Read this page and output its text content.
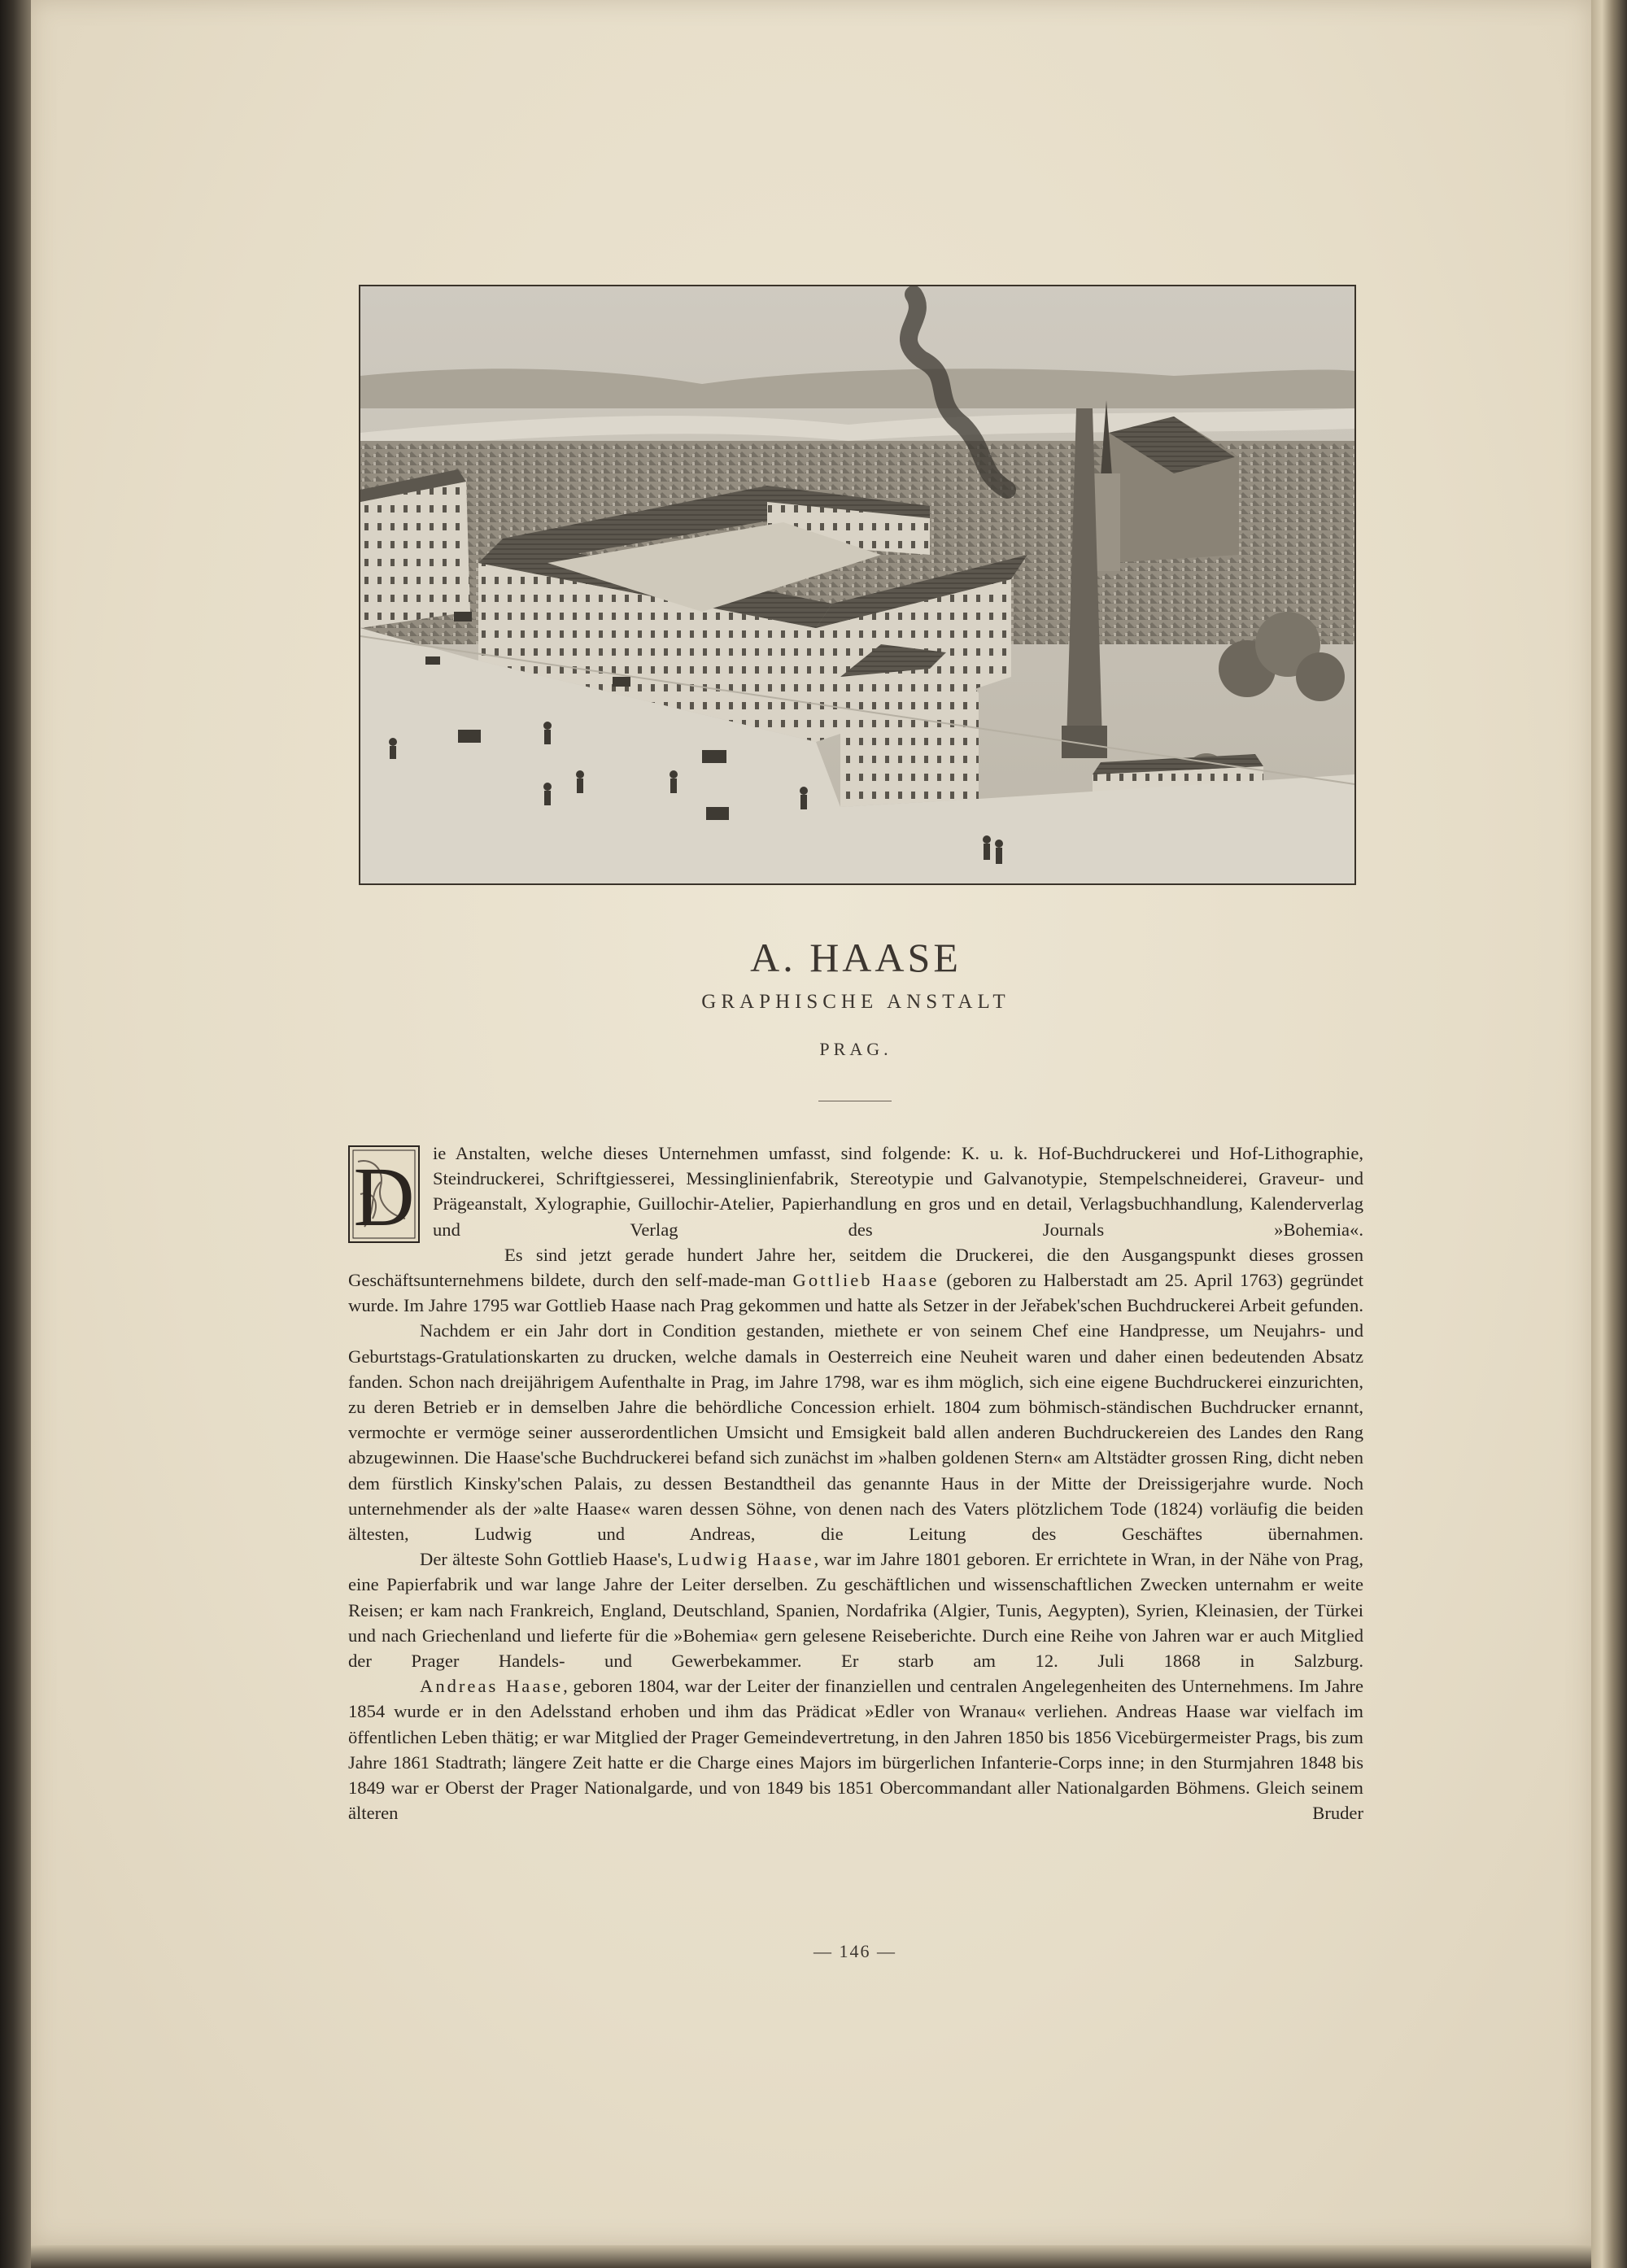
A. HAASE
GRAPHISCHE ANSTALT
PRAG.
D ie Anstalten, welche dieses Unternehmen umfasst, sind folgende: K. u. k. Hof-Buchdruckerei und Hof-Lithographie, Steindruckerei, Schriftgiesserei, Messinglinienfabrik, Stereotypie und Galvanotypie, Stempelschneiderei, Graveur- und Prägeanstalt, Xylographie, Guillochir-Atelier, Papierhandlung en gros und en detail, Verlagsbuchhandlung, Kalenderverlag und Verlag des Journals »Bohemia«.

Es sind jetzt gerade hundert Jahre her, seitdem die Druckerei, die den Ausgangspunkt dieses grossen Geschäftsunternehmens bildete, durch den self-made-man Gottlieb Haase (geboren zu Halberstadt am 25. April 1763) gegründet wurde. Im Jahre 1795 war Gottlieb Haase nach Prag gekommen und hatte als Setzer in der Jeřabek'schen Buchdruckerei Arbeit gefunden.

Nachdem er ein Jahr dort in Condition gestanden, miethete er von seinem Chef eine Handpresse, um Neujahrs- und Geburtstags-Gratulationskarten zu drucken, welche damals in Oesterreich eine Neuheit waren und daher einen bedeutenden Absatz fanden. Schon nach dreijährigem Aufenthalte in Prag, im Jahre 1798, war es ihm möglich, sich eine eigene Buchdruckerei einzurichten, zu deren Betrieb er in demselben Jahre die behördliche Concession erhielt. 1804 zum böhmisch-ständischen Buchdrucker ernannt, vermochte er vermöge seiner ausserordentlichen Umsicht und Emsigkeit bald allen anderen Buchdruckereien des Landes den Rang abzugewinnen. Die Haase'sche Buchdruckerei befand sich zunächst im »halben goldenen Stern« am Altstädter grossen Ring, dicht neben dem fürstlich Kinsky'schen Palais, zu dessen Bestandtheil das genannte Haus in der Mitte der Dreissigerjahre wurde. Noch unternehmender als der »alte Haase« waren dessen Söhne, von denen nach des Vaters plötzlichem Tode (1824) vorläufig die beiden ältesten, Ludwig und Andreas, die Leitung des Geschäftes übernahmen.

Der älteste Sohn Gottlieb Haase's, Ludwig Haase, war im Jahre 1801 geboren. Er errichtete in Wran, in der Nähe von Prag, eine Papierfabrik und war lange Jahre der Leiter derselben. Zu geschäftlichen und wissenschaftlichen Zwecken unternahm er weite Reisen; er kam nach Frankreich, England, Deutschland, Spanien, Nordafrika (Algier, Tunis, Aegypten), Syrien, Kleinasien, der Türkei und nach Griechenland und lieferte für die »Bohemia« gern gelesene Reiseberichte. Durch eine Reihe von Jahren war er auch Mitglied der Prager Handels- und Gewerbekammer. Er starb am 12. Juli 1868 in Salzburg.

Andreas Haase, geboren 1804, war der Leiter der finanziellen und centralen Angelegenheiten des Unternehmens. Im Jahre 1854 wurde er in den Adelsstand erhoben und ihm das Prädicat »Edler von Wranau« verliehen. Andreas Haase war vielfach im öffentlichen Leben thätig; er war Mitglied der Prager Gemeindevertretung, in den Jahren 1850 bis 1856 Vicebürgermeister Prags, bis zum Jahre 1861 Stadtrath; längere Zeit hatte er die Charge eines Majors im bürgerlichen Infanterie-Corps inne; in den Sturmjahren 1848 bis 1849 war er Oberst der Prager Nationalgarde, und von 1849 bis 1851 Obercommandant aller Nationalgarden Böhmens. Gleich seinem älteren Bruder

— 146 —
